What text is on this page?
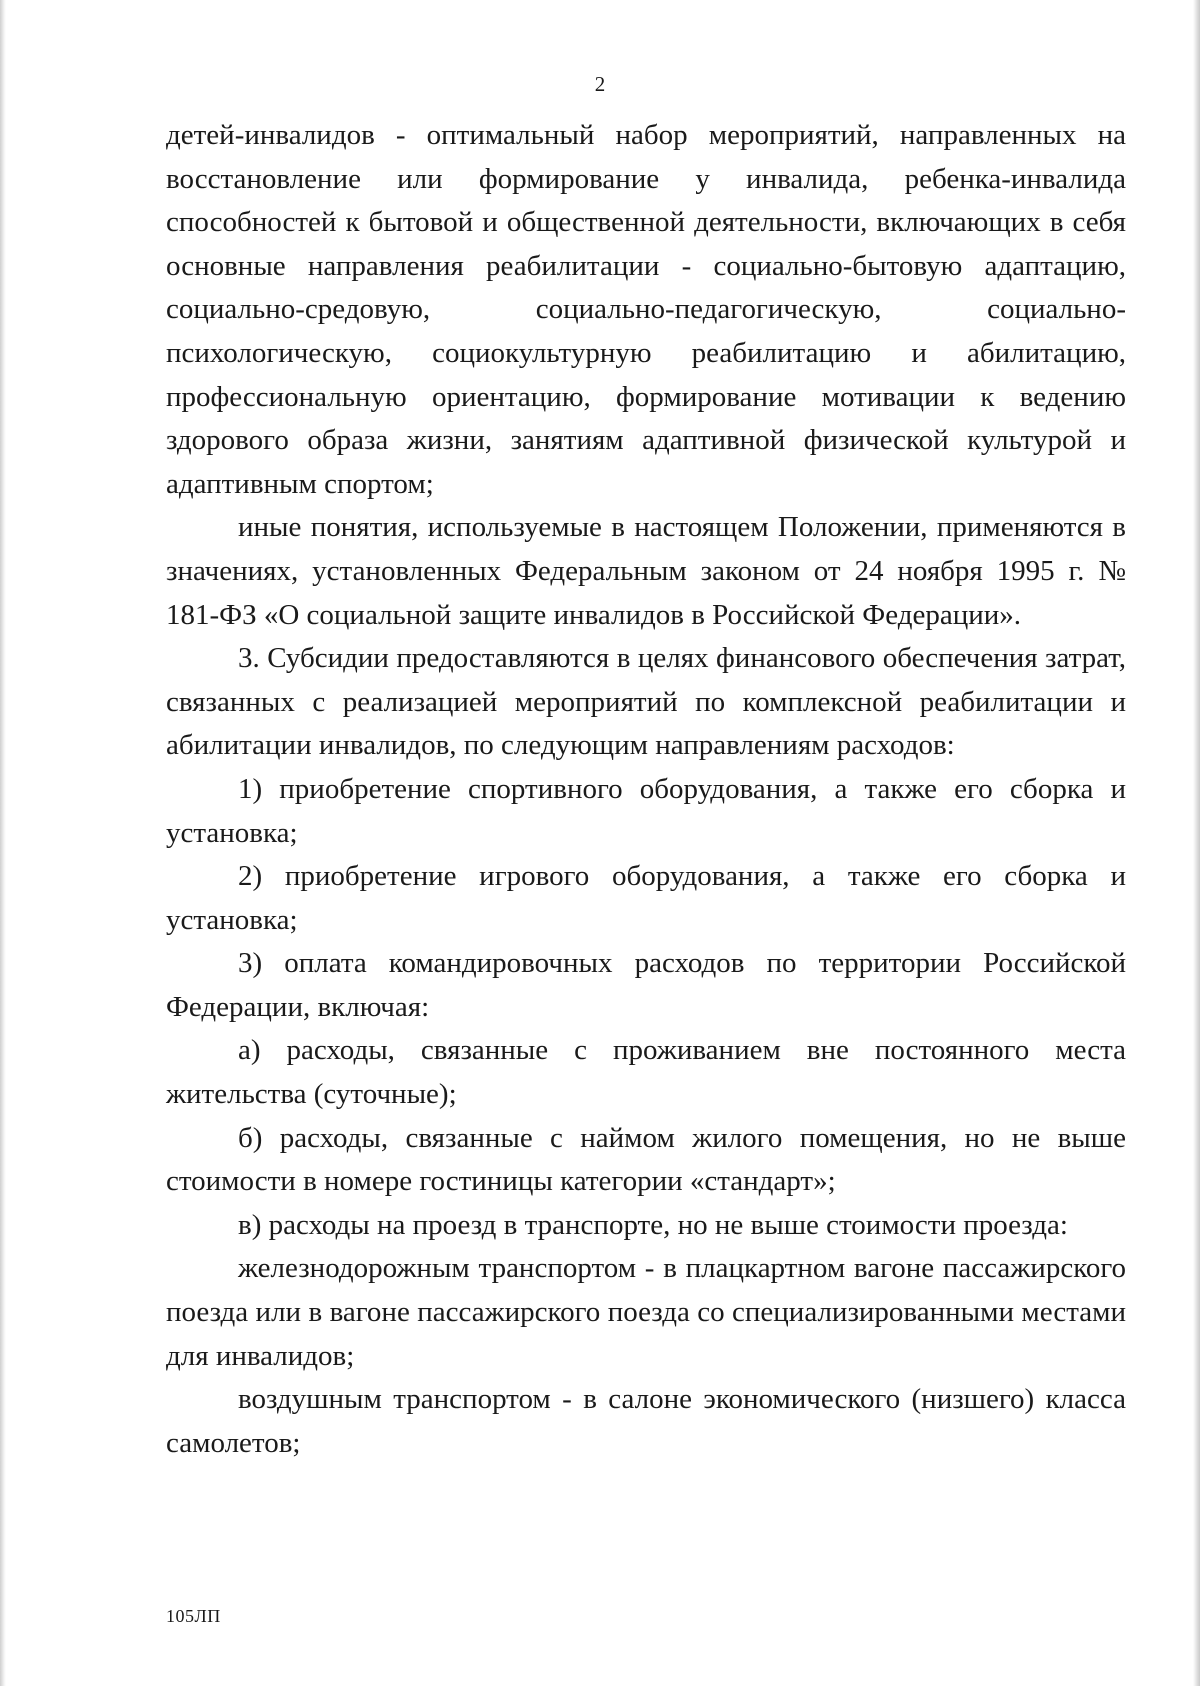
2

детей-инвалидов - оптимальный набор мероприятий, направленных на восстановление или формирование у инвалида, ребенка-инвалида способностей к бытовой и общественной деятельности, включающих в себя основные направления реабилитации - социально-бытовую адаптацию, социально-средовую, социально-педагогическую, социально-психологическую, социокультурную реабилитацию и абилитацию, профессиональную ориентацию, формирование мотивации к ведению здорового образа жизни, занятиям адаптивной физической культурой и адаптивным спортом;

иные понятия, используемые в настоящем Положении, применяются в значениях, установленных Федеральным законом от 24 ноября 1995 г. № 181-ФЗ «О социальной защите инвалидов в Российской Федерации».

3. Субсидии предоставляются в целях финансового обеспечения затрат, связанных с реализацией мероприятий по комплексной реабилитации и абилитации инвалидов, по следующим направлениям расходов:

1) приобретение спортивного оборудования, а также его сборка и установка;

2) приобретение игрового оборудования, а также его сборка и установка;

3) оплата командировочных расходов по территории Российской Федерации, включая:

а) расходы, связанные с проживанием вне постоянного места жительства (суточные);

б) расходы, связанные с наймом жилого помещения, но не выше стоимости в номере гостиницы категории «стандарт»;

в) расходы на проезд в транспорте, но не выше стоимости проезда:

железнодорожным транспортом - в плацкартном вагоне пассажирского поезда или в вагоне пассажирского поезда со специализированными местами для инвалидов;

воздушным транспортом - в салоне экономического (низшего) класса самолетов;

105ЛП
